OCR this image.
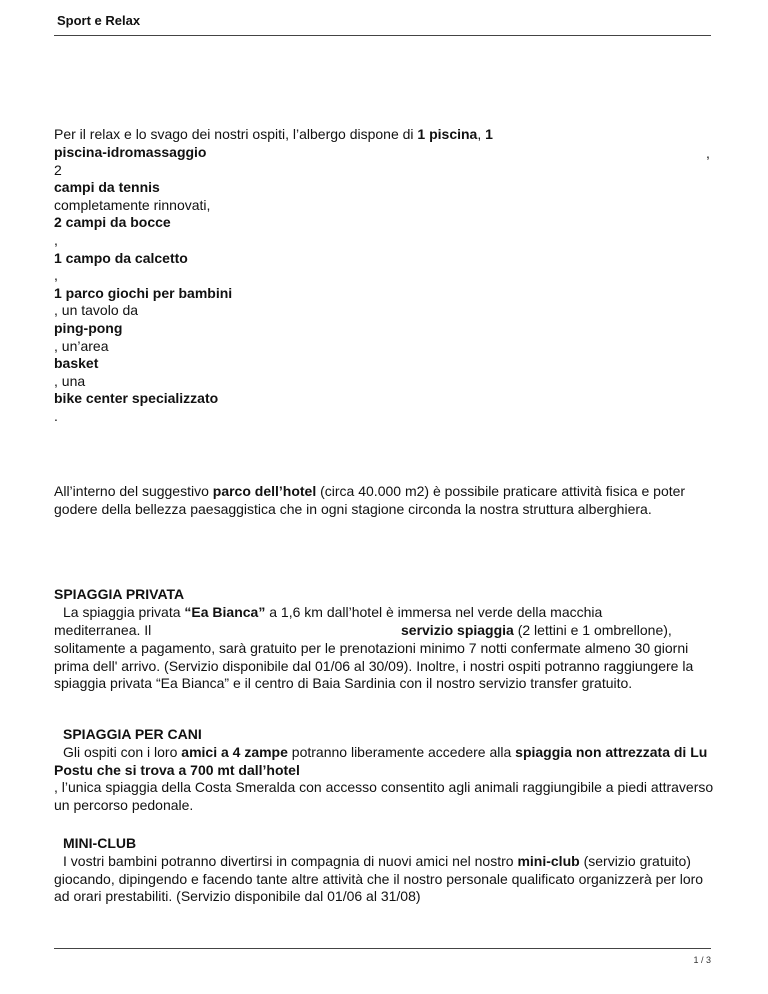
Sport e Relax
Per il relax e lo svago dei nostri ospiti, l’albergo dispone di 1 piscina, 1
,
piscina-idromassaggio
2
campi da tennis
completamente rinnovati,
2 campi da bocce
,
1 campo da calcetto
,
1 parco giochi per bambini
, un tavolo da
ping-pong
, un’area
basket
, una
bike center specializzato
.
All’interno del suggestivo parco dell’hotel (circa 40.000 m2) è possibile praticare attività fisica e poter godere della bellezza paesaggistica che in ogni stagione circonda la nostra struttura alberghiera.
SPIAGGIA PRIVATA
La spiaggia privata “Ea Bianca” a 1,6 km dall’hotel è immersa nel verde della macchia
mediterranea. Il	servizio spiaggia (2 lettini e 1 ombrellone),
solitamente a pagamento, sarà gratuito per le prenotazioni minimo 7 notti confermate almeno 30 giorni prima dell' arrivo. (Servizio disponibile dal 01/06 al 30/09). Inoltre, i nostri ospiti potranno raggiungere la spiaggia privata “Ea Bianca” e il centro di Baia Sardinia con il nostro servizio transfer gratuito.
SPIAGGIA PER CANI
Gli ospiti con i loro amici a 4 zampe potranno liberamente accedere alla spiaggia non attrezzata di Lu Postu che si trova a 700 mt dall’hotel
, l’unica spiaggia della Costa Smeralda con accesso consentito agli animali raggiungibile a piedi attraverso un percorso pedonale.
MINI-CLUB
I vostri bambini potranno divertirsi in compagnia di nuovi amici nel nostro mini-club (servizio gratuito) giocando, dipingendo e facendo tante altre attività che il nostro personale qualificato organizzerà per loro ad orari prestabiliti. (Servizio disponibile dal 01/06 al 31/08)
1 / 3
